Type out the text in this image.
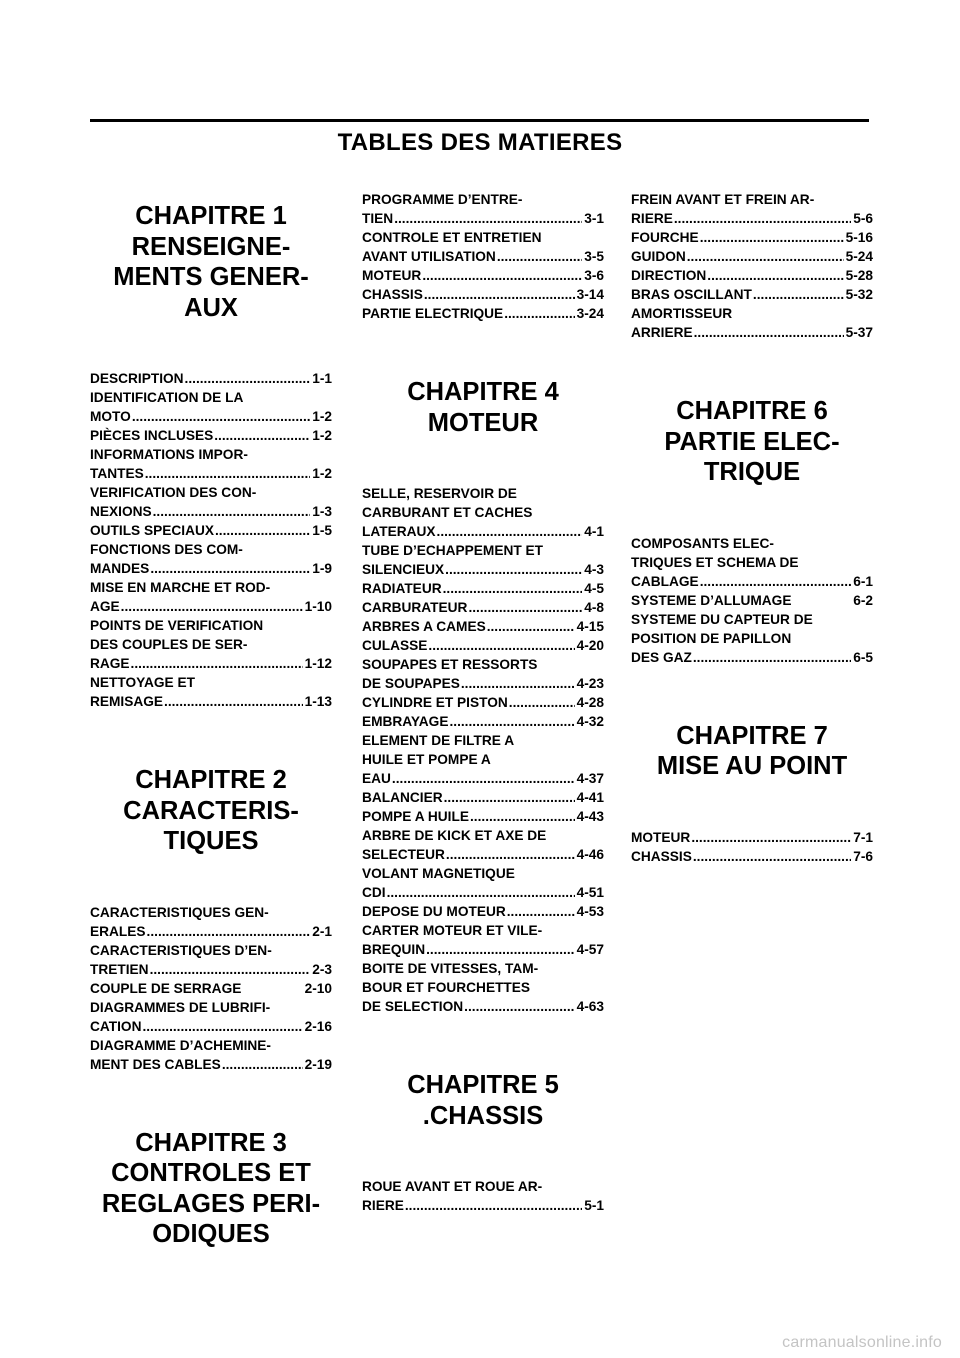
TABLES DES MATIERES
CHAPITRE 1
RENSEIGNE-
MENTS GENER-
AUX
DESCRIPTION .....	1-1
IDENTIFICATION DE LA
MOTO .....	1-2
PIÈCES INCLUSES .....	1-2
INFORMATIONS IMPOR-
TANTES .....	1-2
VERIFICATION DES CON-
NEXIONS .....	1-3
OUTILS SPECIAUX .....	1-5
FONCTIONS DES COM-
MANDES .....	1-9
MISE EN MARCHE ET ROD-
AGE .....	1-10
POINTS DE VERIFICATION
DES COUPLES DE SER-
RAGE .....	1-12
NETTOYAGE ET
REMISAGE .....	1-13
CHAPITRE 2
CARACTERIS-
TIQUES
CARACTERISTIQUES GEN-
ERALES .....	2-1
CARACTERISTIQUES D’EN-
TRETIEN .....	2-3
COUPLE DE SERRAGE	2-10
DIAGRAMMES DE LUBRIFI-
CATION .....	2-16
DIAGRAMME D’ACHEMINE-
MENT DES CABLES .....	2-19
CHAPITRE 3
CONTROLES ET
REGLAGES PERI-
ODIQUES
PROGRAMME D’ENTRE-
TIEN .....	3-1
CONTROLE ET ENTRETIEN
AVANT UTILISATION .....	3-5
MOTEUR .....	3-6
CHASSIS .....	3-14
PARTIE ELECTRIQUE .....	3-24
CHAPITRE 4
MOTEUR
SELLE, RESERVOIR DE
CARBURANT ET CACHES
LATERAUX .....	4-1
TUBE D’ECHAPPEMENT ET
SILENCIEUX .....	4-3
RADIATEUR .....	4-5
CARBURATEUR .....	4-8
ARBRES A CAMES .....	4-15
CULASSE .....	4-20
SOUPAPES ET RESSORTS
DE SOUPAPES .....	4-23
CYLINDRE ET PISTON .....	4-28
EMBRAYAGE .....	4-32
ELEMENT DE FILTRE A
HUILE ET POMPE A
EAU .....	4-37
BALANCIER .....	4-41
POMPE A HUILE .....	4-43
ARBRE DE KICK ET AXE DE
SELECTEUR .....	4-46
VOLANT MAGNETIQUE
CDI .....	4-51
DEPOSE DU MOTEUR .....	4-53
CARTER MOTEUR ET VILE-
BREQUIN .....	4-57
BOITE DE VITESSES, TAM-
BOUR ET FOURCHETTES
DE SELECTION .....	4-63
CHAPITRE 5
.CHASSIS
ROUE AVANT ET ROUE AR-
RIERE .....	5-1
FREIN AVANT ET FREIN AR-
RIERE .....	5-6
FOURCHE .....	5-16
GUIDON .....	5-24
DIRECTION .....	5-28
BRAS OSCILLANT .....	5-32
AMORTISSEUR
ARRIERE .....	5-37
CHAPITRE 6
PARTIE ELEC-
TRIQUE
COMPOSANTS ELEC-
TRIQUES ET SCHEMA DE
CABLAGE .....	6-1
SYSTEME D’ALLUMAGE	6-2
SYSTEME DU CAPTEUR DE
POSITION DE PAPILLON
DES GAZ .....	6-5
CHAPITRE 7
MISE AU POINT
MOTEUR .....	7-1
CHASSIS .....	7-6
carmanualsonline.info
